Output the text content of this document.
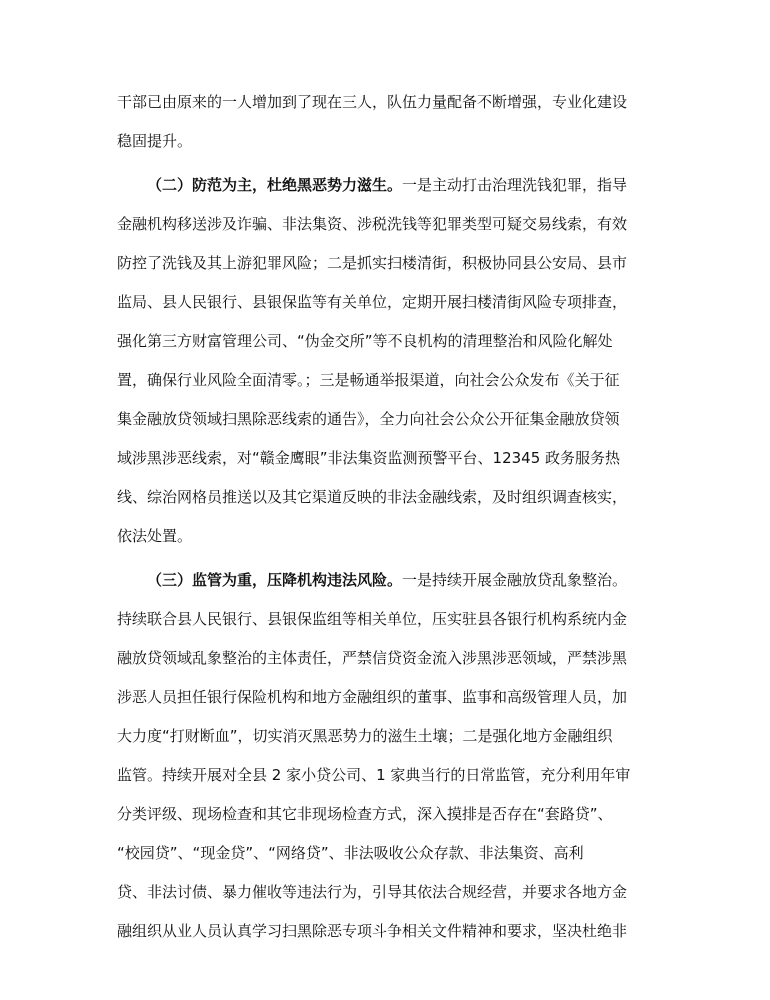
干部已由原来的一人增加到了现在三人，队伍力量配备不断增强，专业化建设
稳固提升。
（二）防范为主，杜绝黑恶势力滋生。一是主动打击治理洗钱犯罪，指导
金融机构移送涉及诈骗、非法集资、涉税洗钱等犯罪类型可疑交易线索，有效
防控了洗钱及其上游犯罪风险；二是抓实扫楼清街，积极协同县公安局、县市
监局、县人民银行、县银保监等有关单位，定期开展扫楼清街风险专项排查，
强化第三方财富管理公司、“伪金交所”等不良机构的清理整治和风险化解处
置，确保行业风险全面清零。；三是畅通举报渠道，向社会公众发布《关于征
集金融放贷领域扫黑除恶线索的通告》，全力向社会公众公开征集金融放贷领
域涉黑涉恶线索，对“赣金鹰眼”非法集资监测预警平台、12345 政务服务热
线、综治网格员推送以及其它渠道反映的非法金融线索，及时组织调查核实，
依法处置。
（三）监管为重，压降机构违法风险。一是持续开展金融放贷乱象整治。
持续联合县人民银行、县银保监组等相关单位，压实驻县各银行机构系统内金
融放贷领域乱象整治的主体责任，严禁信贷资金流入涉黑涉恶领域，严禁涉黑
涉恶人员担任银行保险机构和地方金融组织的董事、监事和高级管理人员，加
大力度“打财断血”，切实消灭黑恶势力的滋生土壤；二是强化地方金融组织
监管。持续开展对全县 2 家小贷公司、1 家典当行的日常监管，充分利用年审
分类评级、现场检查和其它非现场检查方式，深入摸排是否存在“套路贷”、
“校园贷”、“现金贷”、“网络贷”、非法吸收公众存款、非法集资、高利
贷、非法讨债、暴力催收等违法行为，引导其依法合规经营，并要求各地方金
融组织从业人员认真学习扫黑除恶专项斗争相关文件精神和要求，坚决杜绝非
